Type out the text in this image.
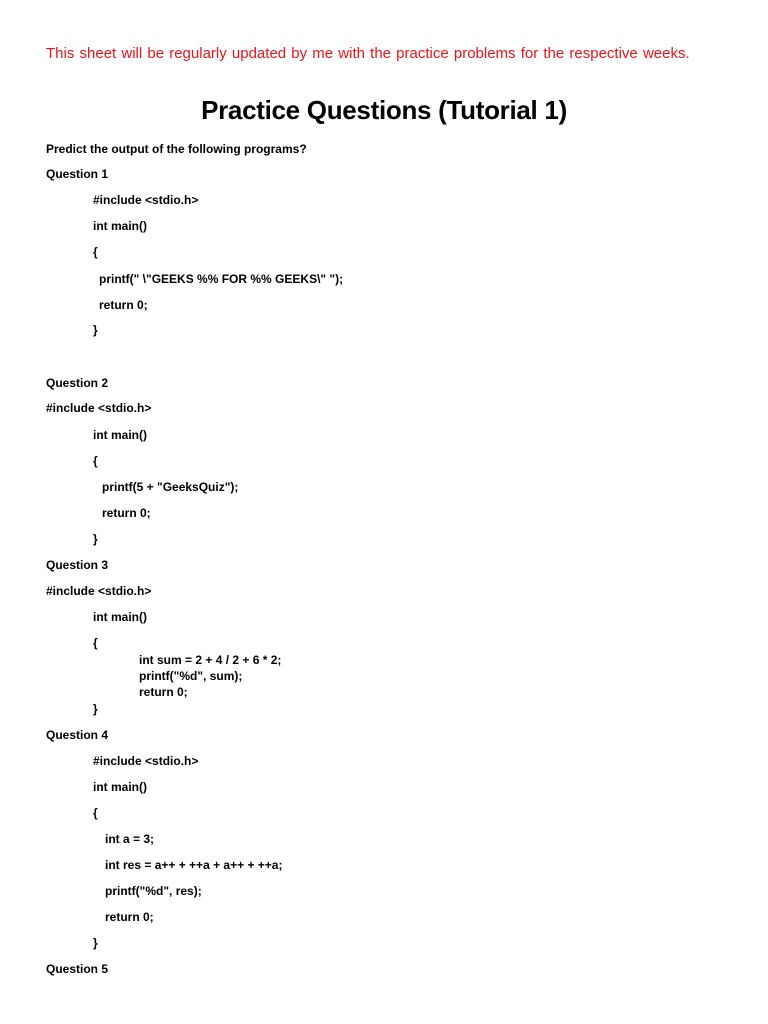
This sheet will be regularly updated by me with the practice problems for the respective weeks.
Practice Questions (Tutorial 1)
Predict the output of the following programs?
Question 1
#include <stdio.h>
int main()
{
printf(" \"GEEKS %% FOR %% GEEKS\" ");
return 0;
}
Question 2
#include <stdio.h>
int main()
{
printf(5 + "GeeksQuiz");
return 0;
}
Question 3
#include <stdio.h>
int main()
{
int sum = 2 + 4 / 2 + 6 * 2;
printf("%d", sum);
return 0;
}
Question 4
#include <stdio.h>
int main()
{
int a = 3;
int res = a++ + ++a + a++ + ++a;
printf("%d", res);
return 0;
}
Question 5
